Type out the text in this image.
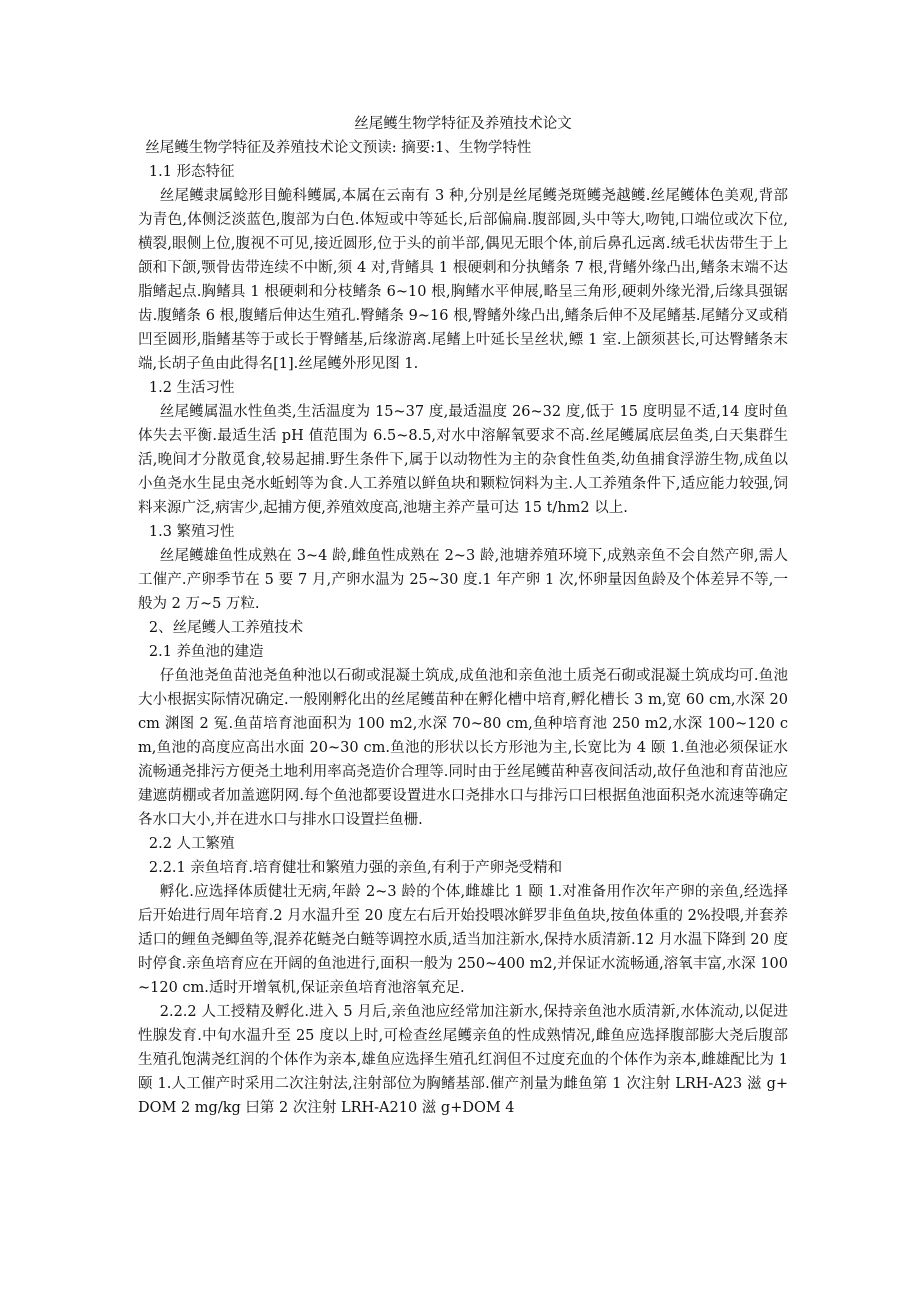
丝尾鳠生物学特征及养殖技术论文

丝尾鳠生物学特征及养殖技术论文预读: 摘要:1、生物学特性

1.1 形态特征

丝尾鳠隶属鲶形目鮠科鳠属,本属在云南有 3 种,分别是丝尾鳠尧斑鳠尧越鳠.丝尾鳠体色美观,背部为青色,体侧泛淡蓝色,腹部为白色.体短或中等延长,后部偏扁.腹部圆,头中等大,吻钝,口端位或次下位,横裂,眼侧上位,腹视不可见,接近圆形,位于头的前半部,偶见无眼个体,前后鼻孔远离.绒毛状齿带生于上颌和下颌,颚骨齿带连续不中断,须 4 对,背鳍具 1 根硬刺和分执鳍条 7 根,背鳍外缘凸出,鳍条末端不达脂鳍起点.胸鳍具 1 根硬刺和分枝鳍条 6~10 根,胸鳍水平伸展,略呈三角形,硬刺外缘光滑,后缘具强锯齿.腹鳍条 6 根,腹鳍后伸达生殖孔.臀鳍条 9~16 根,臀鳍外缘凸出,鳍条后伸不及尾鳍基.尾鳍分叉或稍凹至圆形,脂鳍基等于或长于臀鳍基,后缘游离.尾鳍上叶延长呈丝状,鳔 1 室.上颌须甚长,可达臀鳍条末端,长胡子鱼由此得名[1].丝尾鳠外形见图 1.

1.2 生活习性

丝尾鳠属温水性鱼类,生活温度为 15~37 度,最适温度 26~32 度,低于 15 度明显不适,14 度时鱼体失去平衡.最适生活 pH 值范围为 6.5~8.5,对水中溶解氧要求不高.丝尾鳠属底层鱼类,白天集群生活,晚间才分散觅食,较易起捕.野生条件下,属于以动物性为主的杂食性鱼类,幼鱼捕食浮游生物,成鱼以小鱼尧水生昆虫尧水蚯蚓等为食.人工养殖以鲜鱼块和颗粒饲料为主.人工养殖条件下,适应能力较强,饲料来源广泛,病害少,起捕方便,养殖效度高,池塘主养产量可达 15 t/hm2 以上.

1.3 繁殖习性

丝尾鳠雄鱼性成熟在 3~4 龄,雌鱼性成熟在 2~3 龄,池塘养殖环境下,成熟亲鱼不会自然产卵,需人工催产.产卵季节在 5 要 7 月,产卵水温为 25~30 度.1 年产卵 1 次,怀卵量因鱼龄及个体差异不等,一般为 2 万~5 万粒.

2、丝尾鳠人工养殖技术

2.1 养鱼池的建造

仔鱼池尧鱼苗池尧鱼种池以石砌或混凝土筑成,成鱼池和亲鱼池土质尧石砌或混凝土筑成均可.鱼池大小根据实际情况确定.一般刚孵化出的丝尾鳠苗种在孵化槽中培育,孵化槽长 3 m,宽 60 cm,水深 20 cm 渊图 2 冤.鱼苗培育池面积为 100 m2,水深 70~80 cm,鱼种培育池 250 m2,水深 100~120 cm,鱼池的高度应高出水面 20~30 cm.鱼池的形状以长方形池为主,长宽比为 4 颐 1.鱼池必须保证水流畅通尧排污方便尧土地利用率高尧造价合理等.同时由于丝尾鳠苗种喜夜间活动,故仔鱼池和育苗池应建遮荫棚或者加盖遮阴网.每个鱼池都要设置进水口尧排水口与排污口曰根据鱼池面积尧水流速等确定各水口大小,并在进水口与排水口设置拦鱼栅.

2.2 人工繁殖

2.2.1 亲鱼培育.培育健壮和繁殖力强的亲鱼,有利于产卵尧受精和

孵化.应选择体质健壮无病,年龄 2~3 龄的个体,雌雄比 1 颐 1.对准备用作次年产卵的亲鱼,经选择后开始进行周年培育.2 月水温升至 20 度左右后开始投喂冰鲜罗非鱼鱼块,按鱼体重的 2%投喂,并套养适口的鲤鱼尧鲫鱼等,混养花鲢尧白鲢等调控水质,适当加注新水,保持水质清新.12 月水温下降到 20 度时停食.亲鱼培育应在开阔的鱼池进行,面积一般为 250~400 m2,并保证水流畅通,溶氧丰富,水深 100~120 cm.适时开增氧机,保证亲鱼培育池溶氧充足.

2.2.2 人工授精及孵化.进入 5 月后,亲鱼池应经常加注新水,保持亲鱼池水质清新,水体流动,以促进性腺发育.中旬水温升至 25 度以上时,可检查丝尾鳠亲鱼的性成熟情况,雌鱼应选择腹部膨大尧后腹部生殖孔饱满尧红润的个体作为亲本,雄鱼应选择生殖孔红润但不过度充血的个体作为亲本,雌雄配比为 1 颐 1.人工催产时采用二次注射法,注射部位为胸鳍基部.催产剂量为雌鱼第 1 次注射 LRH-A23 滋 g+DOM 2 mg/kg 曰第 2 次注射 LRH-A210 滋 g+DOM 4
